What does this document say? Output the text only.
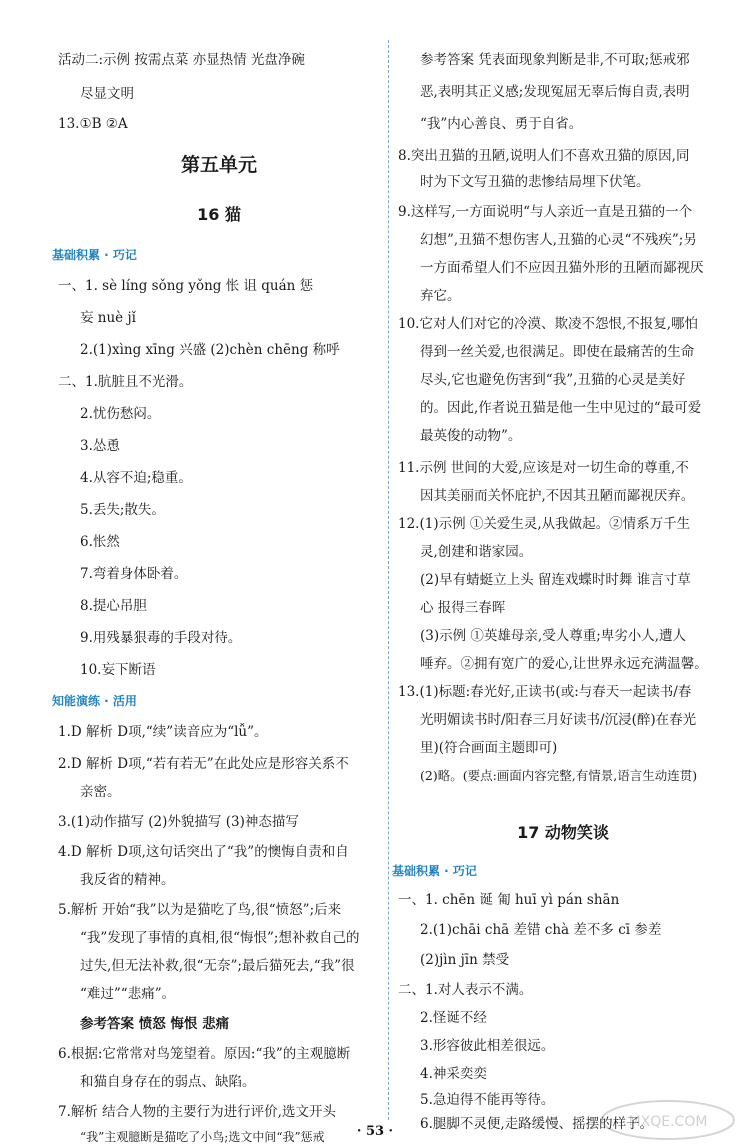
活动二:示例 按需点菜 亦显热情 光盘净碗
尽显文明
13.①B ②A
第五单元
16 猫
基础积累 · 巧记
一、1. sè líng sǒng yǒng 怅 诅 quán 惩
妄 nuè jǐ
2.(1)xìng xīng 兴盛 (2)chèn chēng 称呼
二、1.肮脏且不光滑。
2.忧伤愁闷。
3.怂恿
4.从容不迫;稳重。
5.丢失;散失。
6.怅然
7.弯着身体卧着。
8.提心吊胆
9.用残暴狠毒的手段对待。
10.妄下断语
知能演练 · 活用
1.D 解析 D项,“续”读音应为“lǚ”。
2.D 解析 D项,“若有若无”在此处应是形容关系不
亲密。
3.(1)动作描写 (2)外貌描写 (3)神态描写
4.D 解析 D项,这句话突出了“我”的懊悔自责和自
我反省的精神。
5.解析 开始“我”以为是猫吃了鸟,很“愤怒”;后来
“我”发现了事情的真相,很“悔恨”;想补救自己的
过失,但无法补救,很“无奈”;最后猫死去,“我”很
“难过”“悲痛”。
参考答案 愤怒 悔恨 悲痛
6.根据:它常常对鸟笼望着。原因:“我”的主观臆断
和猫自身存在的弱点、缺陷。
7.解析 结合人物的主要行为进行评价,选文开头
“我”主观臆断是猫吃了小鸟;选文中间“我”惩戒
参考答案 凭表面现象判断是非,不可取;惩戒邪
恶,表明其正义感;发现冤屈无辜后悔自责,表明
“我”内心善良、勇于自省。
8.突出丑猫的丑陋,说明人们不喜欢丑猫的原因,同
时为下文写丑猫的悲惨结局埋下伏笔。
9.这样写,一方面说明“与人亲近一直是丑猫的一个
幻想”,丑猫不想伤害人,丑猫的心灵“不残疾”;另
一方面希望人们不应因丑猫外形的丑陋而鄙视厌
弃它。
10.它对人们对它的冷漠、欺凌不怨恨,不报复,哪怕
得到一丝关爱,也很满足。即使在最痛苦的生命
尽头,它也避免伤害到“我”,丑猫的心灵是美好
的。因此,作者说丑猫是他一生中见过的“最可爱
最英俊的动物”。
11.示例 世间的大爱,应该是对一切生命的尊重,不
因其美丽而关怀庇护,不因其丑陋而鄙视厌弃。
12.(1)示例 ①关爱生灵,从我做起。②情系万千生
灵,创建和谐家园。
(2)早有蜻蜓立上头 留连戏蝶时时舞 谁言寸草
心 报得三春晖
(3)示例 ①英雄母亲,受人尊重;卑劣小人,遭人
唾弃。②拥有宽广的爱心,让世界永远充满温馨。
13.(1)标题:春光好,正读书(或:与春天一起读书/春
光明媚读书时/阳春三月好读书/沉浸(醉)在春光
里)(符合画面主题即可)
(2)略。(要点:画面内容完整,有情景,语言生动连贯)
17 动物笑谈
基础积累 · 巧记
一、1. chēn 诞 匍 huī yì pán shān
2.(1)chāi chā 差错 chà 差不多 cī 参差
(2)jìn jīn 禁受
二、1.对人表示不满。
2.怪诞不经
3.形容彼此相差很远。
4.神采奕奕
5.急迫得不能再等待。
6.腿脚不灵便,走路缓慢、摇摆的样子。
· 53 ·
MXQE.COM
